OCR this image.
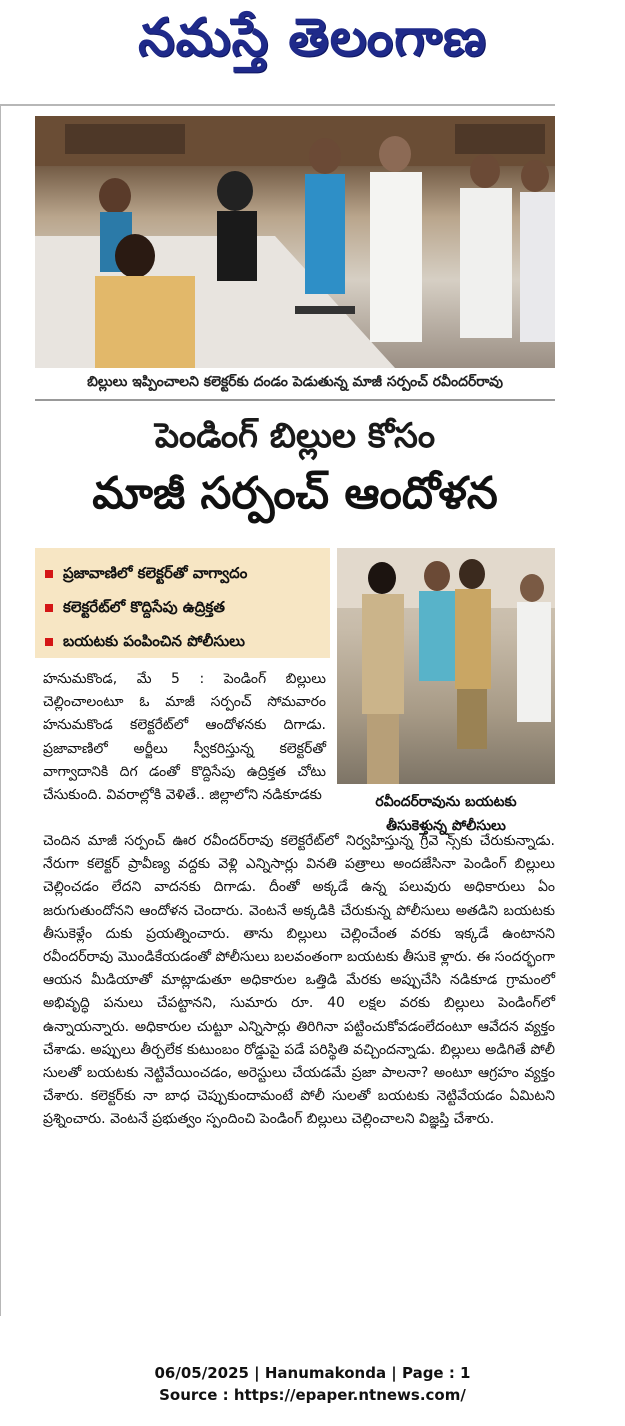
నమస్తే తెలంగాణ
బిల్లులు ఇప్పించాలని కలెక్టర్‌కు దండం పెడుతున్న మాజీ సర్పంచ్ రవీందర్‌రావు
పెండింగ్ బిల్లుల కోసం
మాజీ సర్పంచ్ ఆందోళన
ప్రజావాణిలో కలెక్టర్‌తో వాగ్వాదం
కలెక్టరేట్‌లో కొద్దిసేపు ఉద్రిక్తత
బయటకు పంపించిన పోలీసులు
రవీందర్‌రావును బయటకు
తీసుకెళ్తున్న పోలీసులు

హనుమకొండ, మే 5 : పెండింగ్ బిల్లులు చెల్లించాలంటూ ఓ మాజీ సర్పంచ్ సోమవారం హనుమకొండ కలెక్టరేట్‌లో ఆందోళనకు దిగాడు. ప్రజావాణిలో అర్జీలు స్వీకరిస్తున్న కలెక్టర్‌తో వాగ్వాదానికి దిగ డంతో కొద్దిసేపు ఉద్రిక్తత చోటు చేసుకుంది. వివరాల్లోకి వెళితే.. జిల్లాలోని నడికూడకు

చెందిన మాజీ సర్పంచ్ ఊర రవీందర్‌రావు కలెక్టరేట్‌లో నిర్వహిస్తున్న గ్రీవె న్స్‌కు చేరుకున్నాడు. నేరుగా కలెక్టర్ ప్రావీణ్య వద్దకు వెళ్లి ఎన్నిసార్లు వినతి పత్రాలు అందజేసినా పెండింగ్ బిల్లులు చెల్లించడం లేదని వాదనకు దిగాడు. దీంతో అక్కడే ఉన్న పలువురు అధికారులు ఏం జరుగుతుందోనని ఆందోళన చెందారు. వెంటనే అక్కడికి చేరుకున్న పోలీసులు అతడిని బయటకు తీసుకెళ్లేం దుకు ప్రయత్నించారు. తాను బిల్లులు చెల్లించేంత వరకు ఇక్కడే ఉంటానని రవీందర్‌రావు మొండికేయడంతో పోలీసులు బలవంతంగా బయటకు తీసుకె ళ్లారు. ఈ సందర్భంగా ఆయన మీడియాతో మాట్లాడుతూ అధికారుల ఒత్తిడి మేరకు అప్పుచేసి నడికూడ గ్రామంలో అభివృద్ధి పనులు చేపట్టానని, సుమారు రూ. 40 లక్షల వరకు బిల్లులు పెండింగ్‌లో ఉన్నాయన్నారు. అధికారుల చుట్టూ ఎన్నిసార్లు తిరిగినా పట్టించుకోవడంలేదంటూ ఆవేదన వ్యక్తం చేశాడు. అప్పులు తీర్చలేక కుటుంబం రోడ్డుపై పడే పరిస్థితి వచ్చిందన్నాడు. బిల్లులు అడిగితే పోలీ సులతో బయటకు నెట్టివేయించడం, అరెస్టులు చేయడమే ప్రజా పాలనా? అంటూ ఆగ్రహం వ్యక్తం చేశారు. కలెక్టర్‌కు నా బాధ చెప్పుకుందామంటే పోలీ సులతో బయటకు నెట్టివేయడం ఏమిటని ప్రశ్నించారు. వెంటనే ప్రభుత్వం స్పందించి పెండింగ్ బిల్లులు చెల్లించాలని విజ్ఞప్తి చేశారు.

06/05/2025 | Hanumakonda | Page : 1
Source : https://epaper.ntnews.com/
